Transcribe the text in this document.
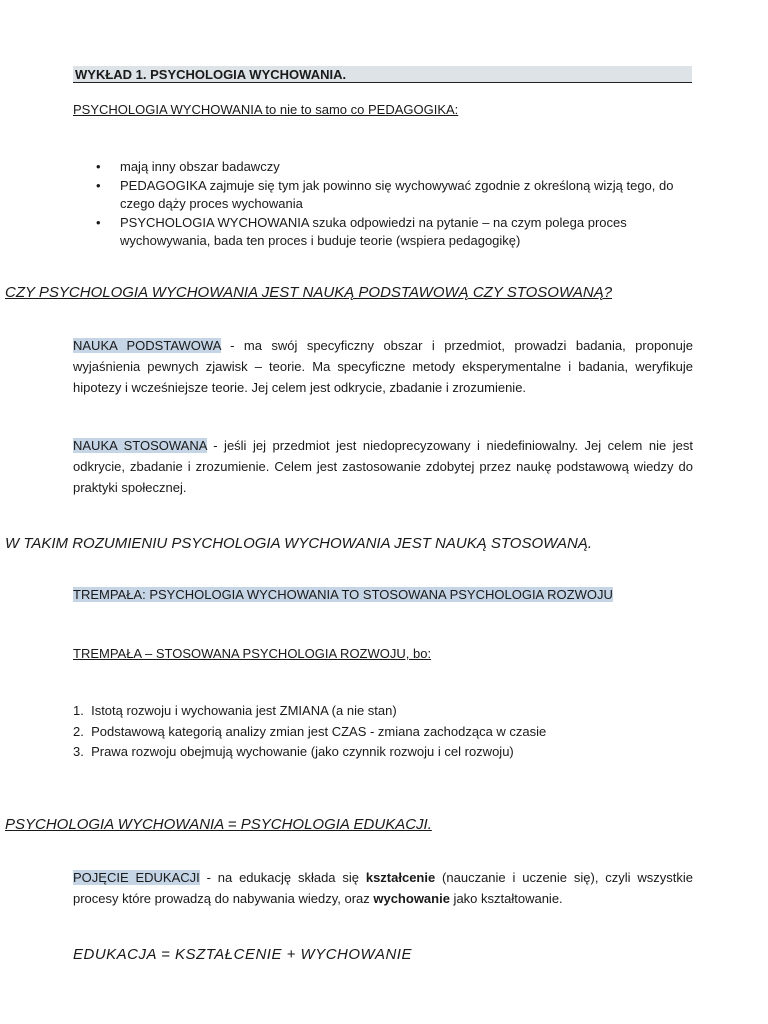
WYKŁAD 1. PSYCHOLOGIA WYCHOWANIA.
PSYCHOLOGIA WYCHOWANIA to nie to samo co PEDAGOGIKA:
• mają inny obszar badawczy
• PEDAGOGIKA zajmuje się tym jak powinno się wychowywać zgodnie z określoną wizją tego, do czego dąży proces wychowania
• PSYCHOLOGIA WYCHOWANIA szuka odpowiedzi na pytanie – na czym polega proces wychowywania, bada ten proces i buduje teorie (wspiera pedagogikę)
CZY PSYCHOLOGIA WYCHOWANIA JEST NAUKĄ PODSTAWOWĄ CZY STOSOWANĄ?
NAUKA PODSTAWOWA - ma swój specyficzny obszar i przedmiot, prowadzi badania, proponuje wyjaśnienia pewnych zjawisk – teorie. Ma specyficzne metody eksperymentalne i badania, weryfikuje hipotezy i wcześniejsze teorie. Jej celem jest odkrycie, zbadanie i zrozumienie.
NAUKA STOSOWANA - jeśli jej przedmiot jest niedoprecyzowany i niedefiniowalny. Jej celem nie jest odkrycie, zbadanie i zrozumienie. Celem jest zastosowanie zdobytej przez naukę podstawową wiedzy do praktyki społecznej.
W TAKIM ROZUMIENIU PSYCHOLOGIA WYCHOWANIA JEST NAUKĄ STOSOWANĄ.
TREMPAŁA: PSYCHOLOGIA WYCHOWANIA TO STOSOWANA PSYCHOLOGIA ROZWOJU
TREMPAŁA – STOSOWANA PSYCHOLOGIA ROZWOJU, bo:
1. Istotą rozwoju i wychowania jest ZMIANA (a nie stan)
2. Podstawową kategorią analizy zmian jest CZAS - zmiana zachodząca w czasie
3. Prawa rozwoju obejmują wychowanie (jako czynnik rozwoju i cel rozwoju)
PSYCHOLOGIA WYCHOWANIA = PSYCHOLOGIA EDUKACJI.
POJĘCIE EDUKACJI - na edukację składa się kształcenie (nauczanie i uczenie się), czyli wszystkie procesy które prowadzą do nabywania wiedzy, oraz wychowanie jako kształtowanie.
EDUKACJA = KSZTAŁCENIE + WYCHOWANIE
